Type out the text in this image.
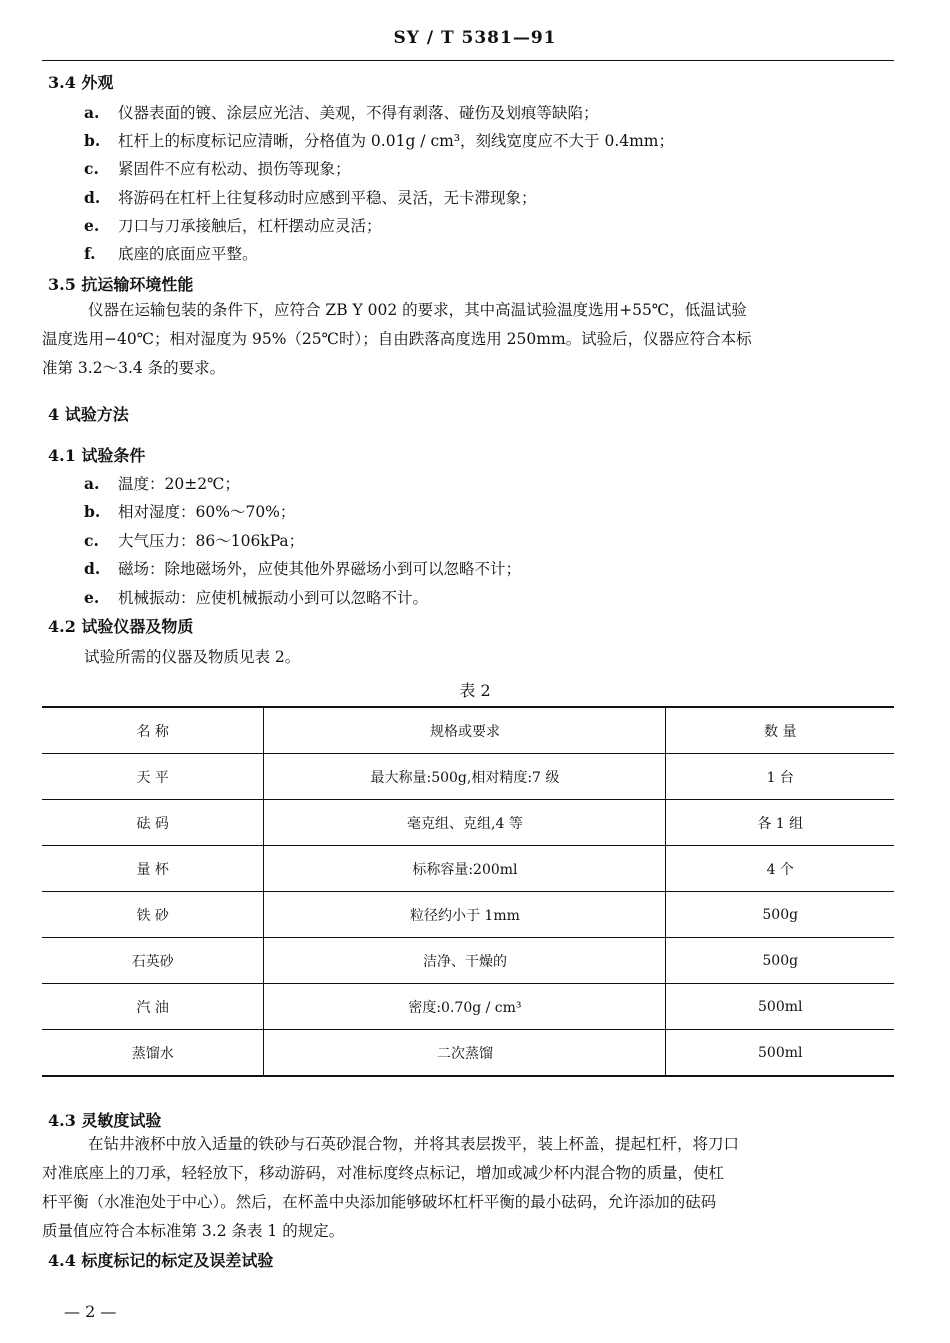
SY / T 5381—91
3.4 外观
a. 仪器表面的镀、涂层应光洁、美观，不得有剥落、碰伤及划痕等缺陷；
b. 杠杆上的标度标记应清晰，分格值为 0.01g / cm³，刻线宽度应不大于 0.4mm；
c. 紧固件不应有松动、损伤等现象；
d. 将游码在杠杆上往复移动时应感到平稳、灵活，无卡滞现象；
e. 刀口与刀承接触后，杠杆摆动应灵活；
f. 底座的底面应平整。
3.5 抗运输环境性能
仪器在运输包装的条件下，应符合 ZB Y 002 的要求，其中高温试验温度选用+55℃，低温试验
温度选用−40℃；相对湿度为 95%（25℃时）；自由跌落高度选用 250mm。试验后，仪器应符合本标
准第 3.2～3.4 条的要求。
4 试验方法
4.1 试验条件
a. 温度：20±2℃；
b. 相对湿度：60%～70%；
c. 大气压力：86～106kPa；
d. 磁场：除地磁场外，应使其他外界磁场小到可以忽略不计；
e. 机械振动：应使机械振动小到可以忽略不计。
4.2 试验仪器及物质
试验所需的仪器及物质见表 2。
表 2
名 称	规格或要求	数 量
天 平	最大称量:500g,相对精度:7 级	1 台
砝 码	毫克组、克组,4 等	各 1 组
量 杯	标称容量:200ml	4 个
铁 砂	粒径约小于 1mm	500g
石英砂	洁净、干燥的	500g
汽 油	密度:0.70g / cm³	500ml
蒸馏水	二次蒸馏	500ml
4.3 灵敏度试验
在钻井液杯中放入适量的铁砂与石英砂混合物，并将其表层拨平，装上杯盖，提起杠杆，将刀口
对准底座上的刀承，轻轻放下，移动游码，对准标度终点标记，增加或减少杯内混合物的质量，使杠
杆平衡（水准泡处于中心）。然后，在杯盖中央添加能够破坏杠杆平衡的最小砝码，允许添加的砝码
质量值应符合本标准第 3.2 条表 1 的规定。
4.4 标度标记的标定及误差试验
— 2 —
